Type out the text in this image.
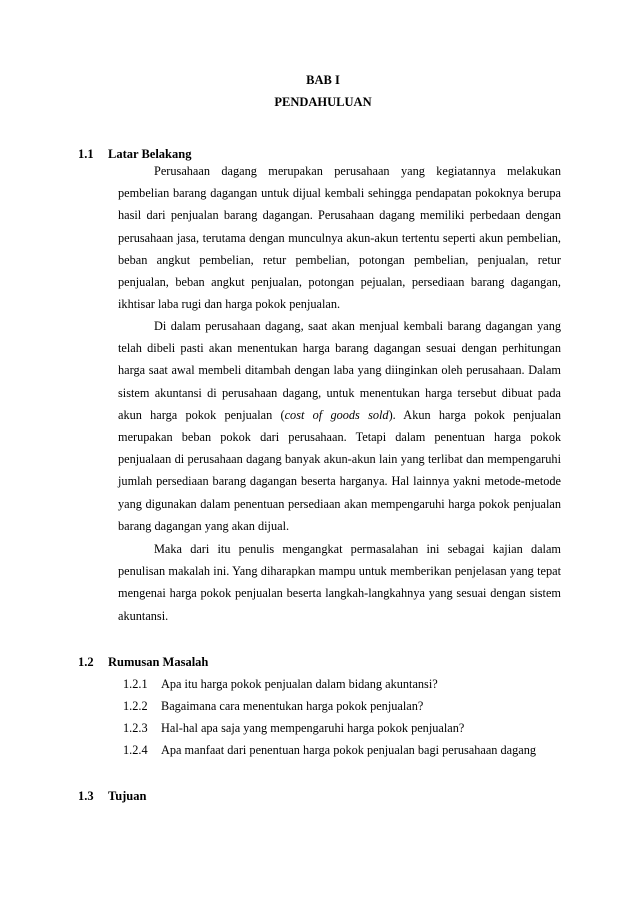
BAB I
PENDAHULUAN
1.1 Latar Belakang

Perusahaan dagang merupakan perusahaan yang kegiatannya melakukan pembelian barang dagangan untuk dijual kembali sehingga pendapatan pokoknya berupa hasil dari penjualan barang dagangan. Perusahaan dagang memiliki perbedaan dengan perusahaan jasa, terutama dengan munculnya akun-akun tertentu seperti akun pembelian, beban angkut pembelian, retur pembelian, potongan pembelian, penjualan, retur penjualan, beban angkut penjualan, potongan pejualan, persediaan barang dagangan, ikhtisar laba rugi dan harga pokok penjualan.

Di dalam perusahaan dagang, saat akan menjual kembali barang dagangan yang telah dibeli pasti akan menentukan harga barang dagangan sesuai dengan perhitungan harga saat awal membeli ditambah dengan laba yang diinginkan oleh perusahaan. Dalam sistem akuntansi di perusahaan dagang, untuk menentukan harga tersebut dibuat pada akun harga pokok penjualan (cost of goods sold). Akun harga pokok penjualan merupakan beban pokok dari perusahaan. Tetapi dalam penentuan harga pokok penjualaan di perusahaan dagang banyak akun-akun lain yang terlibat dan mempengaruhi jumlah persediaan barang dagangan beserta harganya. Hal lainnya yakni metode-metode yang digunakan dalam penentuan persediaan akan mempengaruhi harga pokok penjualan barang dagangan yang akan dijual.

Maka dari itu penulis mengangkat permasalahan ini sebagai kajian dalam penulisan makalah ini. Yang diharapkan mampu untuk memberikan penjelasan yang tepat mengenai harga pokok penjualan beserta langkah-langkahnya yang sesuai dengan sistem akuntansi.

1.2 Rumusan Masalah
1.2.1 Apa itu harga pokok penjualan dalam bidang akuntansi?
1.2.2 Bagaimana cara menentukan harga pokok penjualan?
1.2.3 Hal-hal apa saja yang mempengaruhi harga pokok penjualan?
1.2.4 Apa manfaat dari penentuan harga pokok penjualan bagi perusahaan dagang
1.3 Tujuan
